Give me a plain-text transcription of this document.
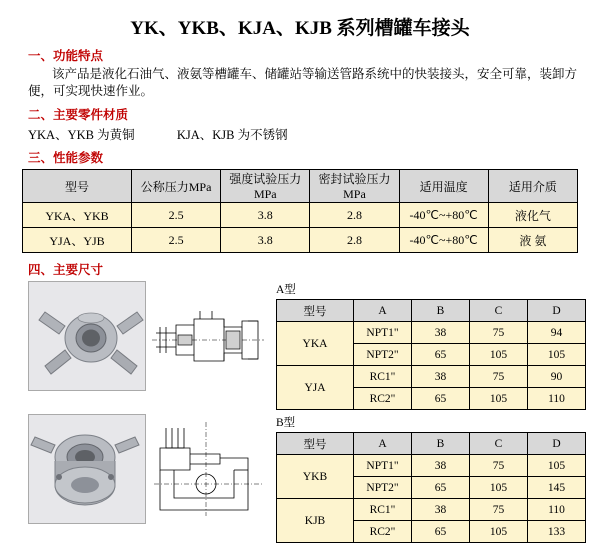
YK、YKB、KJA、KJB 系列槽罐车接头
一、功能特点
该产品是液化石油气、液氨等槽罐车、储罐站等输送管路系统中的快装接头，安全可靠，装卸方便，可实现快速作业。
二、主要零件材质
YKA、YKB 为黄铜	KJA、KJB 为不锈钢
三、性能参数
型号	公称压力MPa	强度试验压力MPa	密封试验压力MPa	适用温度	适用介质
YKA、YKB	2.5	3.8	2.8	-40℃~+80℃	液化气
YJA、YJB	2.5	3.8	2.8	-40℃~+80℃	液 氨
四、主要尺寸
A型
型号	A	B	C	D
YKA	NPT1"	38	75	94
	NPT2"	65	105	105
YJA	RC1"	38	75	90
	RC2"	65	105	110
B型
型号	A	B	C	D
YKB	NPT1"	38	75	105
	NPT2"	65	105	145
KJB	RC1"	38	75	110
	RC2"	65	105	133
